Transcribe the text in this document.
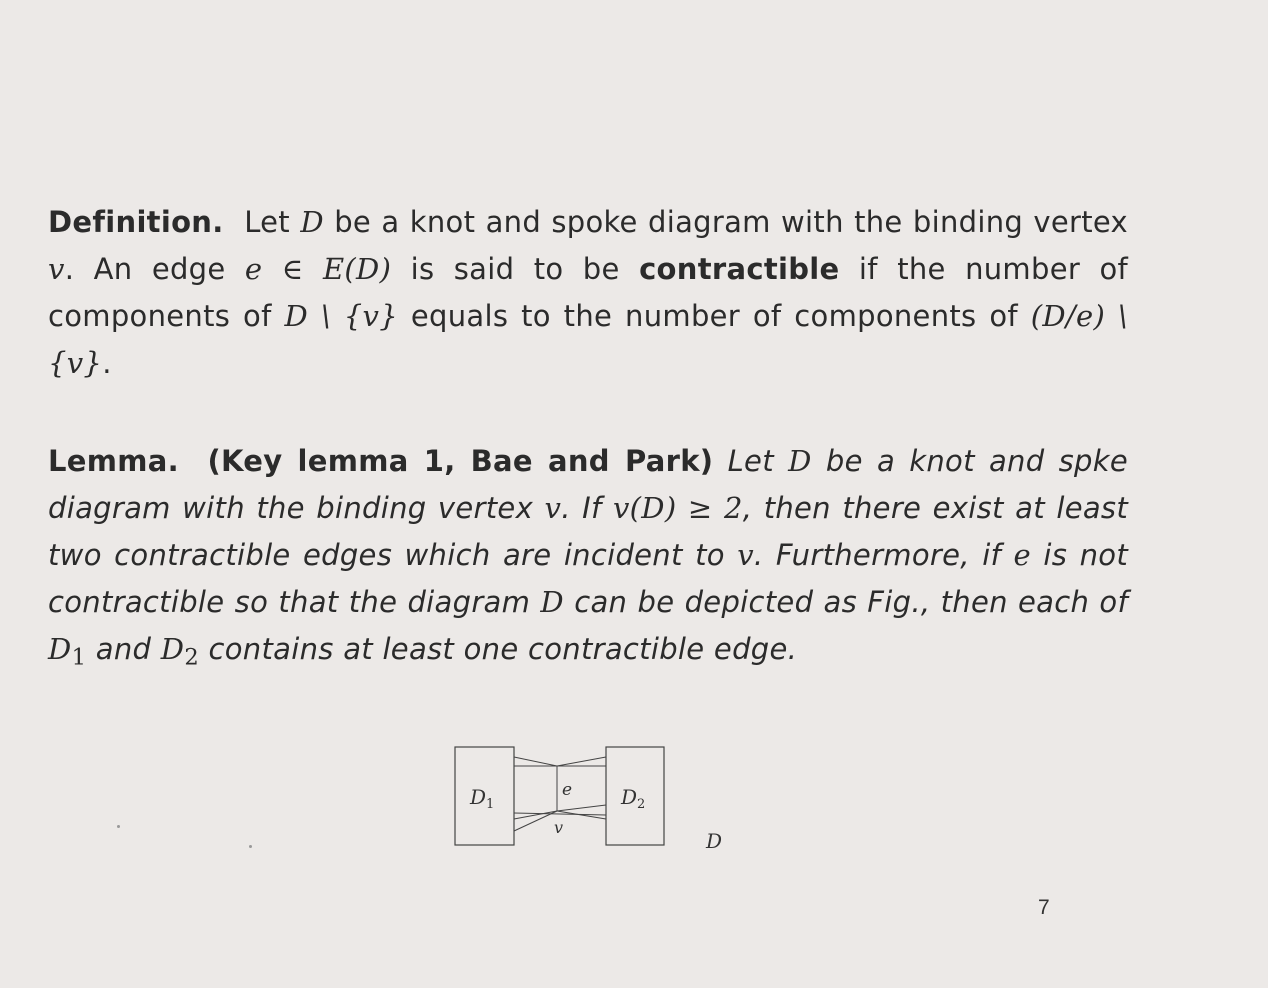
Definition. Let D be a knot and spoke diagram with the binding vertex v. An edge e ∈ E(D) is said to be contractible if the number of components of D \ {v} equals to the number of components of (D/e) \ {v}.

Lemma. (Key lemma 1, Bae and Park) Let D be a knot and spke diagram with the binding vertex v. If v(D) ≥ 2, then there exist at least two contractible edges which are incident to v. Furthermore, if e is not contractible so that the diagram D can be depicted as Fig., then each of $D_1$ and $D_2$ contains at least one contractible edge.

$D_1$	$D_2$
e
v
D
7
